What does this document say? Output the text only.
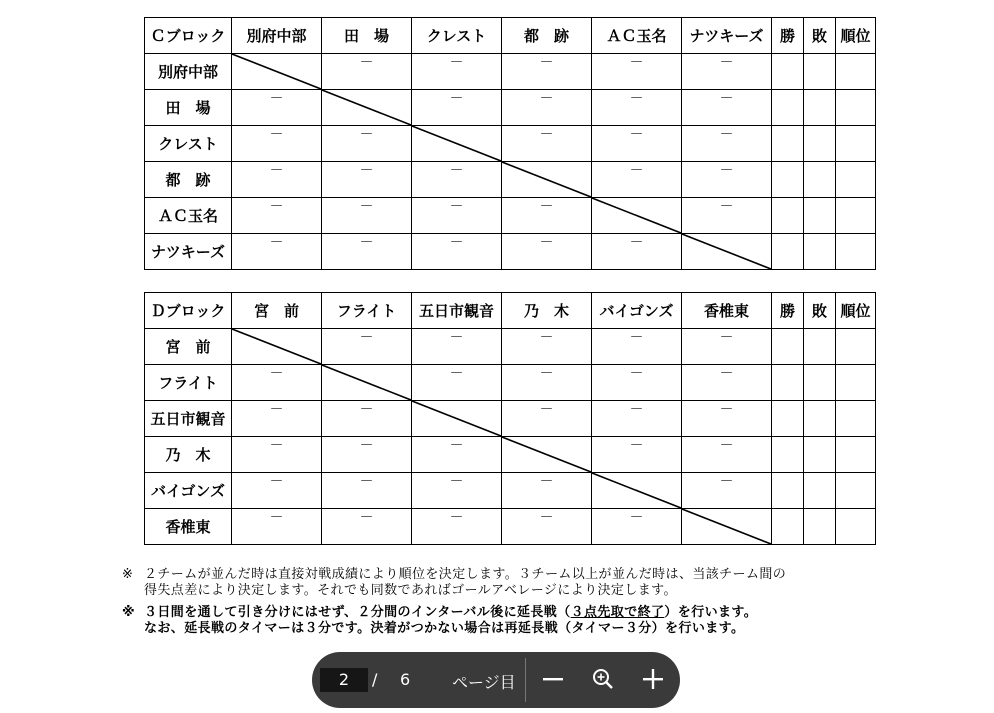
Ｃブロック	別府中部	田　場	クレスト	都　跡	ＡＣ玉名	ナツキーズ	勝	敗	順位
別府中部		－	－	－	－	－			
田　場	－		－	－	－	－			
クレスト	－	－		－	－	－			
都　跡	－	－	－		－	－			
ＡＣ玉名	－	－	－	－		－			
ナツキーズ	－	－	－	－	－	

Ｄブロック	宮　前	フライト	五日市観音	乃　木	バイゴンズ	香椎東	勝	敗	順位
宮　前		－	－	－	－	－			
フライト	－		－	－	－	－			
五日市観音	－	－		－	－	－			
乃　木	－	－	－		－	－			
バイゴンズ	－	－	－	－		－			
香椎東	－	－	－	－	－	

※ ２チームが並んだ時は直接対戦成績により順位を決定します。３チーム以上が並んだ時は、当該チーム間の
得失点差により決定します。それでも同数であればゴールアベレージにより決定します。
※ ３日間を通して引き分けにはせず、２分間のインターバル後に延長戦（３点先取で終了）を行います。
なお、延長戦のタイマーは３分です。決着がつかない場合は再延長戦（タイマー３分）を行います。
2	/ 6	ページ目
